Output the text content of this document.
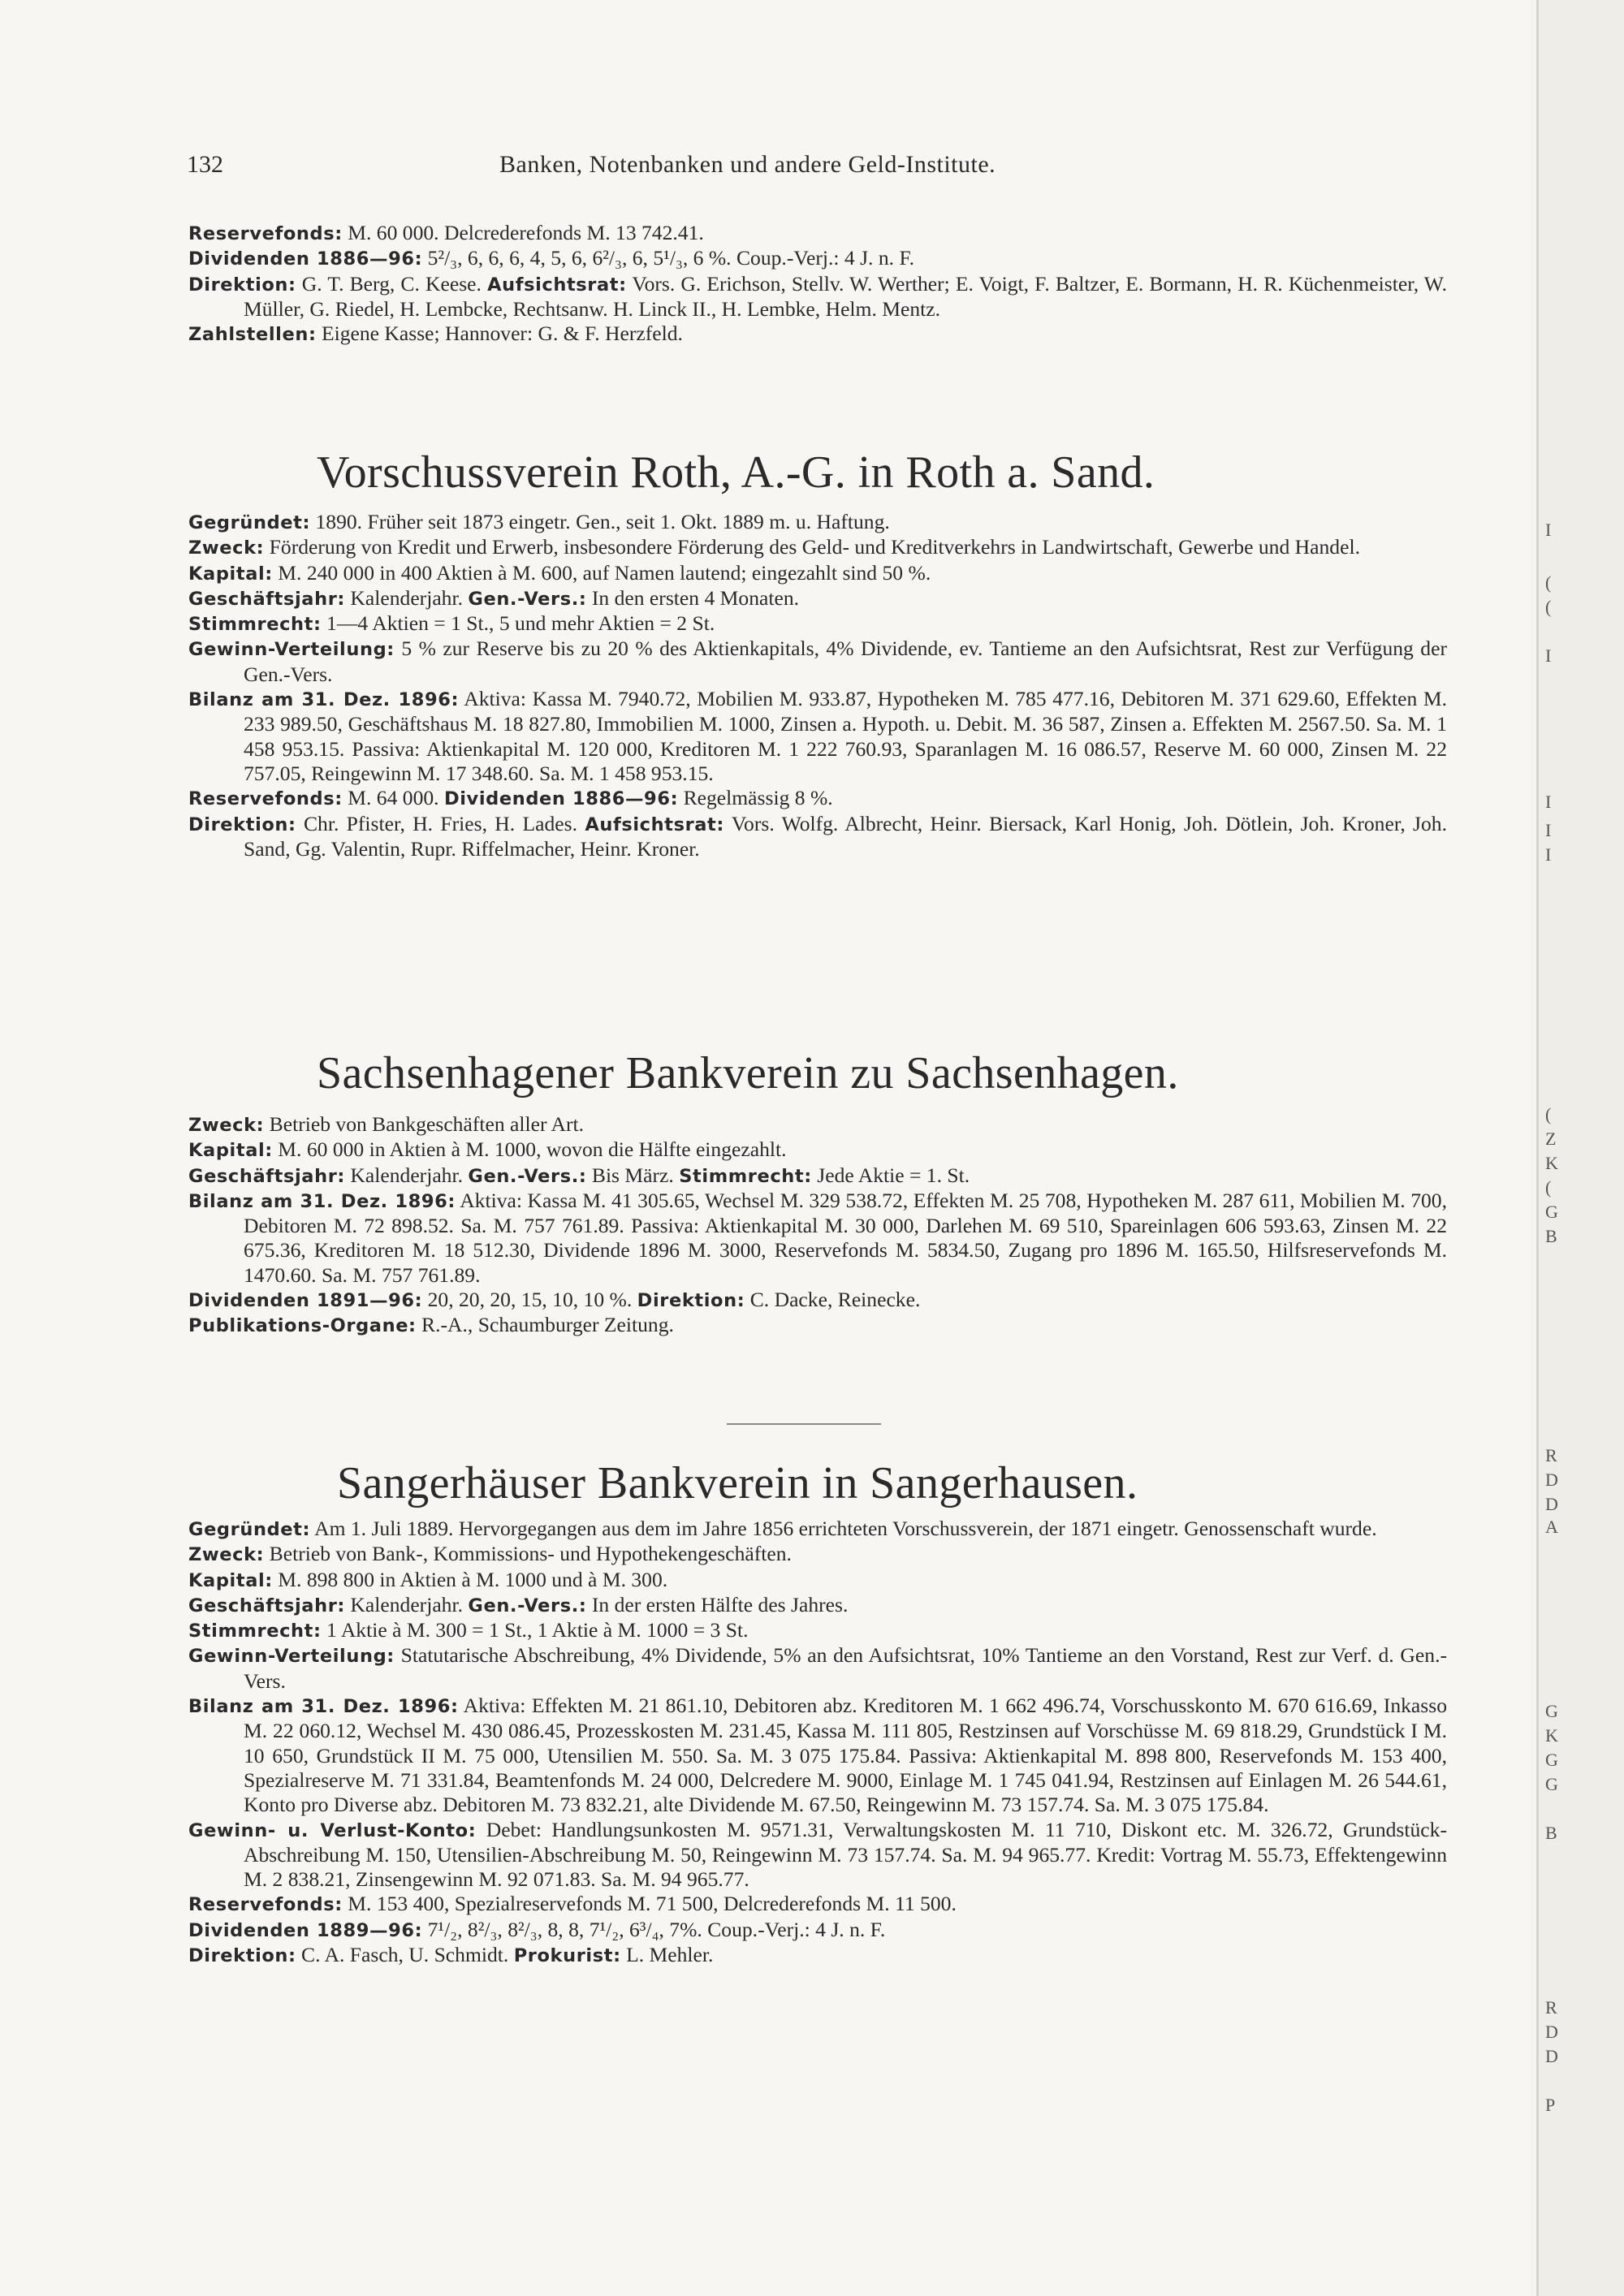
132	Banken, Notenbanken und andere Geld-Institute.

Reservefonds: M. 60 000. Delcrederefonds M. 13 742.41.

Dividenden 1886—96: 5²/₃, 6, 6, 6, 4, 5, 6, 6²/₃, 6, 5¹/₃, 6 %. Coup.-Verj.: 4 J. n. F.

Direktion: G. T. Berg, C. Keese. Aufsichtsrat: Vors. G. Erichson, Stellv. W. Werther; E. Voigt, F. Baltzer, E. Bormann, H. R. Küchenmeister, W. Müller, G. Riedel, H. Lembcke, Rechtsanw. H. Linck II., H. Lembke, Helm. Mentz.

Zahlstellen: Eigene Kasse; Hannover: G. & F. Herzfeld.

Vorschussverein Roth, A.-G. in Roth a. Sand.

Gegründet: 1890. Früher seit 1873 eingetr. Gen., seit 1. Okt. 1889 m. u. Haftung.

Zweck: Förderung von Kredit und Erwerb, insbesondere Förderung des Geld- und Kreditverkehrs in Landwirtschaft, Gewerbe und Handel.

Kapital: M. 240 000 in 400 Aktien à M. 600, auf Namen lautend; eingezahlt sind 50 %.

Geschäftsjahr: Kalenderjahr. Gen.-Vers.: In den ersten 4 Monaten.

Stimmrecht: 1—4 Aktien = 1 St., 5 und mehr Aktien = 2 St.

Gewinn-Verteilung: 5 % zur Reserve bis zu 20 % des Aktienkapitals, 4% Dividende, ev. Tantieme an den Aufsichtsrat, Rest zur Verfügung der Gen.-Vers.

Bilanz am 31. Dez. 1896: Aktiva: Kassa M. 7940.72, Mobilien M. 933.87, Hypotheken M. 785 477.16, Debitoren M. 371 629.60, Effekten M. 233 989.50, Geschäftshaus M. 18 827.80, Immobilien M. 1000, Zinsen a. Hypoth. u. Debit. M. 36 587, Zinsen a. Effekten M. 2567.50. Sa. M. 1 458 953.15. Passiva: Aktienkapital M. 120 000, Kreditoren M. 1 222 760.93, Sparanlagen M. 16 086.57, Reserve M. 60 000, Zinsen M. 22 757.05, Reingewinn M. 17 348.60. Sa. M. 1 458 953.15.

Reservefonds: M. 64 000. Dividenden 1886—96: Regelmässig 8 %.

Direktion: Chr. Pfister, H. Fries, H. Lades. Aufsichtsrat: Vors. Wolfg. Albrecht, Heinr. Biersack, Karl Honig, Joh. Dötlein, Joh. Kroner, Joh. Sand, Gg. Valentin, Rupr. Riffelmacher, Heinr. Kroner.

Sachsenhagener Bankverein zu Sachsenhagen.

Zweck: Betrieb von Bankgeschäften aller Art.

Kapital: M. 60 000 in Aktien à M. 1000, wovon die Hälfte eingezahlt.

Geschäftsjahr: Kalenderjahr. Gen.-Vers.: Bis März. Stimmrecht: Jede Aktie = 1. St.

Bilanz am 31. Dez. 1896: Aktiva: Kassa M. 41 305.65, Wechsel M. 329 538.72, Effekten M. 25 708, Hypotheken M. 287 611, Mobilien M. 700, Debitoren M. 72 898.52. Sa. M. 757 761.89. Passiva: Aktienkapital M. 30 000, Darlehen M. 69 510, Spareinlagen 606 593.63, Zinsen M. 22 675.36, Kreditoren M. 18 512.30, Dividende 1896 M. 3000, Reservefonds M. 5834.50, Zugang pro 1896 M. 165.50, Hilfsreservefonds M. 1470.60. Sa. M. 757 761.89.

Dividenden 1891—96: 20, 20, 20, 15, 10, 10 %. Direktion: C. Dacke, Reinecke.

Publikations-Organe: R.-A., Schaumburger Zeitung.

Sangerhäuser Bankverein in Sangerhausen.

Gegründet: Am 1. Juli 1889. Hervorgegangen aus dem im Jahre 1856 errichteten Vorschussverein, der 1871 eingetr. Genossenschaft wurde.

Zweck: Betrieb von Bank-, Kommissions- und Hypothekengeschäften.

Kapital: M. 898 800 in Aktien à M. 1000 und à M. 300.

Geschäftsjahr: Kalenderjahr. Gen.-Vers.: In der ersten Hälfte des Jahres.

Stimmrecht: 1 Aktie à M. 300 = 1 St., 1 Aktie à M. 1000 = 3 St.

Gewinn-Verteilung: Statutarische Abschreibung, 4% Dividende, 5% an den Aufsichtsrat, 10% Tantieme an den Vorstand, Rest zur Verf. d. Gen.-Vers.

Bilanz am 31. Dez. 1896: Aktiva: Effekten M. 21 861.10, Debitoren abz. Kreditoren M. 1 662 496.74, Vorschusskonto M. 670 616.69, Inkasso M. 22 060.12, Wechsel M. 430 086.45, Prozesskosten M. 231.45, Kassa M. 111 805, Restzinsen auf Vorschüsse M. 69 818.29, Grundstück I M. 10 650, Grundstück II M. 75 000, Utensilien M. 550. Sa. M. 3 075 175.84. Passiva: Aktienkapital M. 898 800, Reservefonds M. 153 400, Spezialreserve M. 71 331.84, Beamtenfonds M. 24 000, Delcredere M. 9000, Einlage M. 1 745 041.94, Restzinsen auf Einlagen M. 26 544.61, Konto pro Diverse abz. Debitoren M. 73 832.21, alte Dividende M. 67.50, Reingewinn M. 73 157.74. Sa. M. 3 075 175.84.

Gewinn- u. Verlust-Konto: Debet: Handlungsunkosten M. 9571.31, Verwaltungskosten M. 11 710, Diskont etc. M. 326.72, Grundstück-Abschreibung M. 150, Utensilien-Abschreibung M. 50, Reingewinn M. 73 157.74. Sa. M. 94 965.77. Kredit: Vortrag M. 55.73, Effektengewinn M. 2 838.21, Zinsengewinn M. 92 071.83. Sa. M. 94 965.77.

Reservefonds: M. 153 400, Spezialreservefonds M. 71 500, Delcrederefonds M. 11 500.

Dividenden 1889—96: 7¹/₂, 8²/₃, 8²/₃, 8, 8, 7¹/₂, 6³/₄, 7%. Coup.-Verj.: 4 J. n. F.

Direktion: C. A. Fasch, U. Schmidt. Prokurist: L. Mehler.

I
(
(
I
I
I
I
(
Z
K
(
G
B
R
D
D
A
G
K
G
G
B
R
D
D
P
